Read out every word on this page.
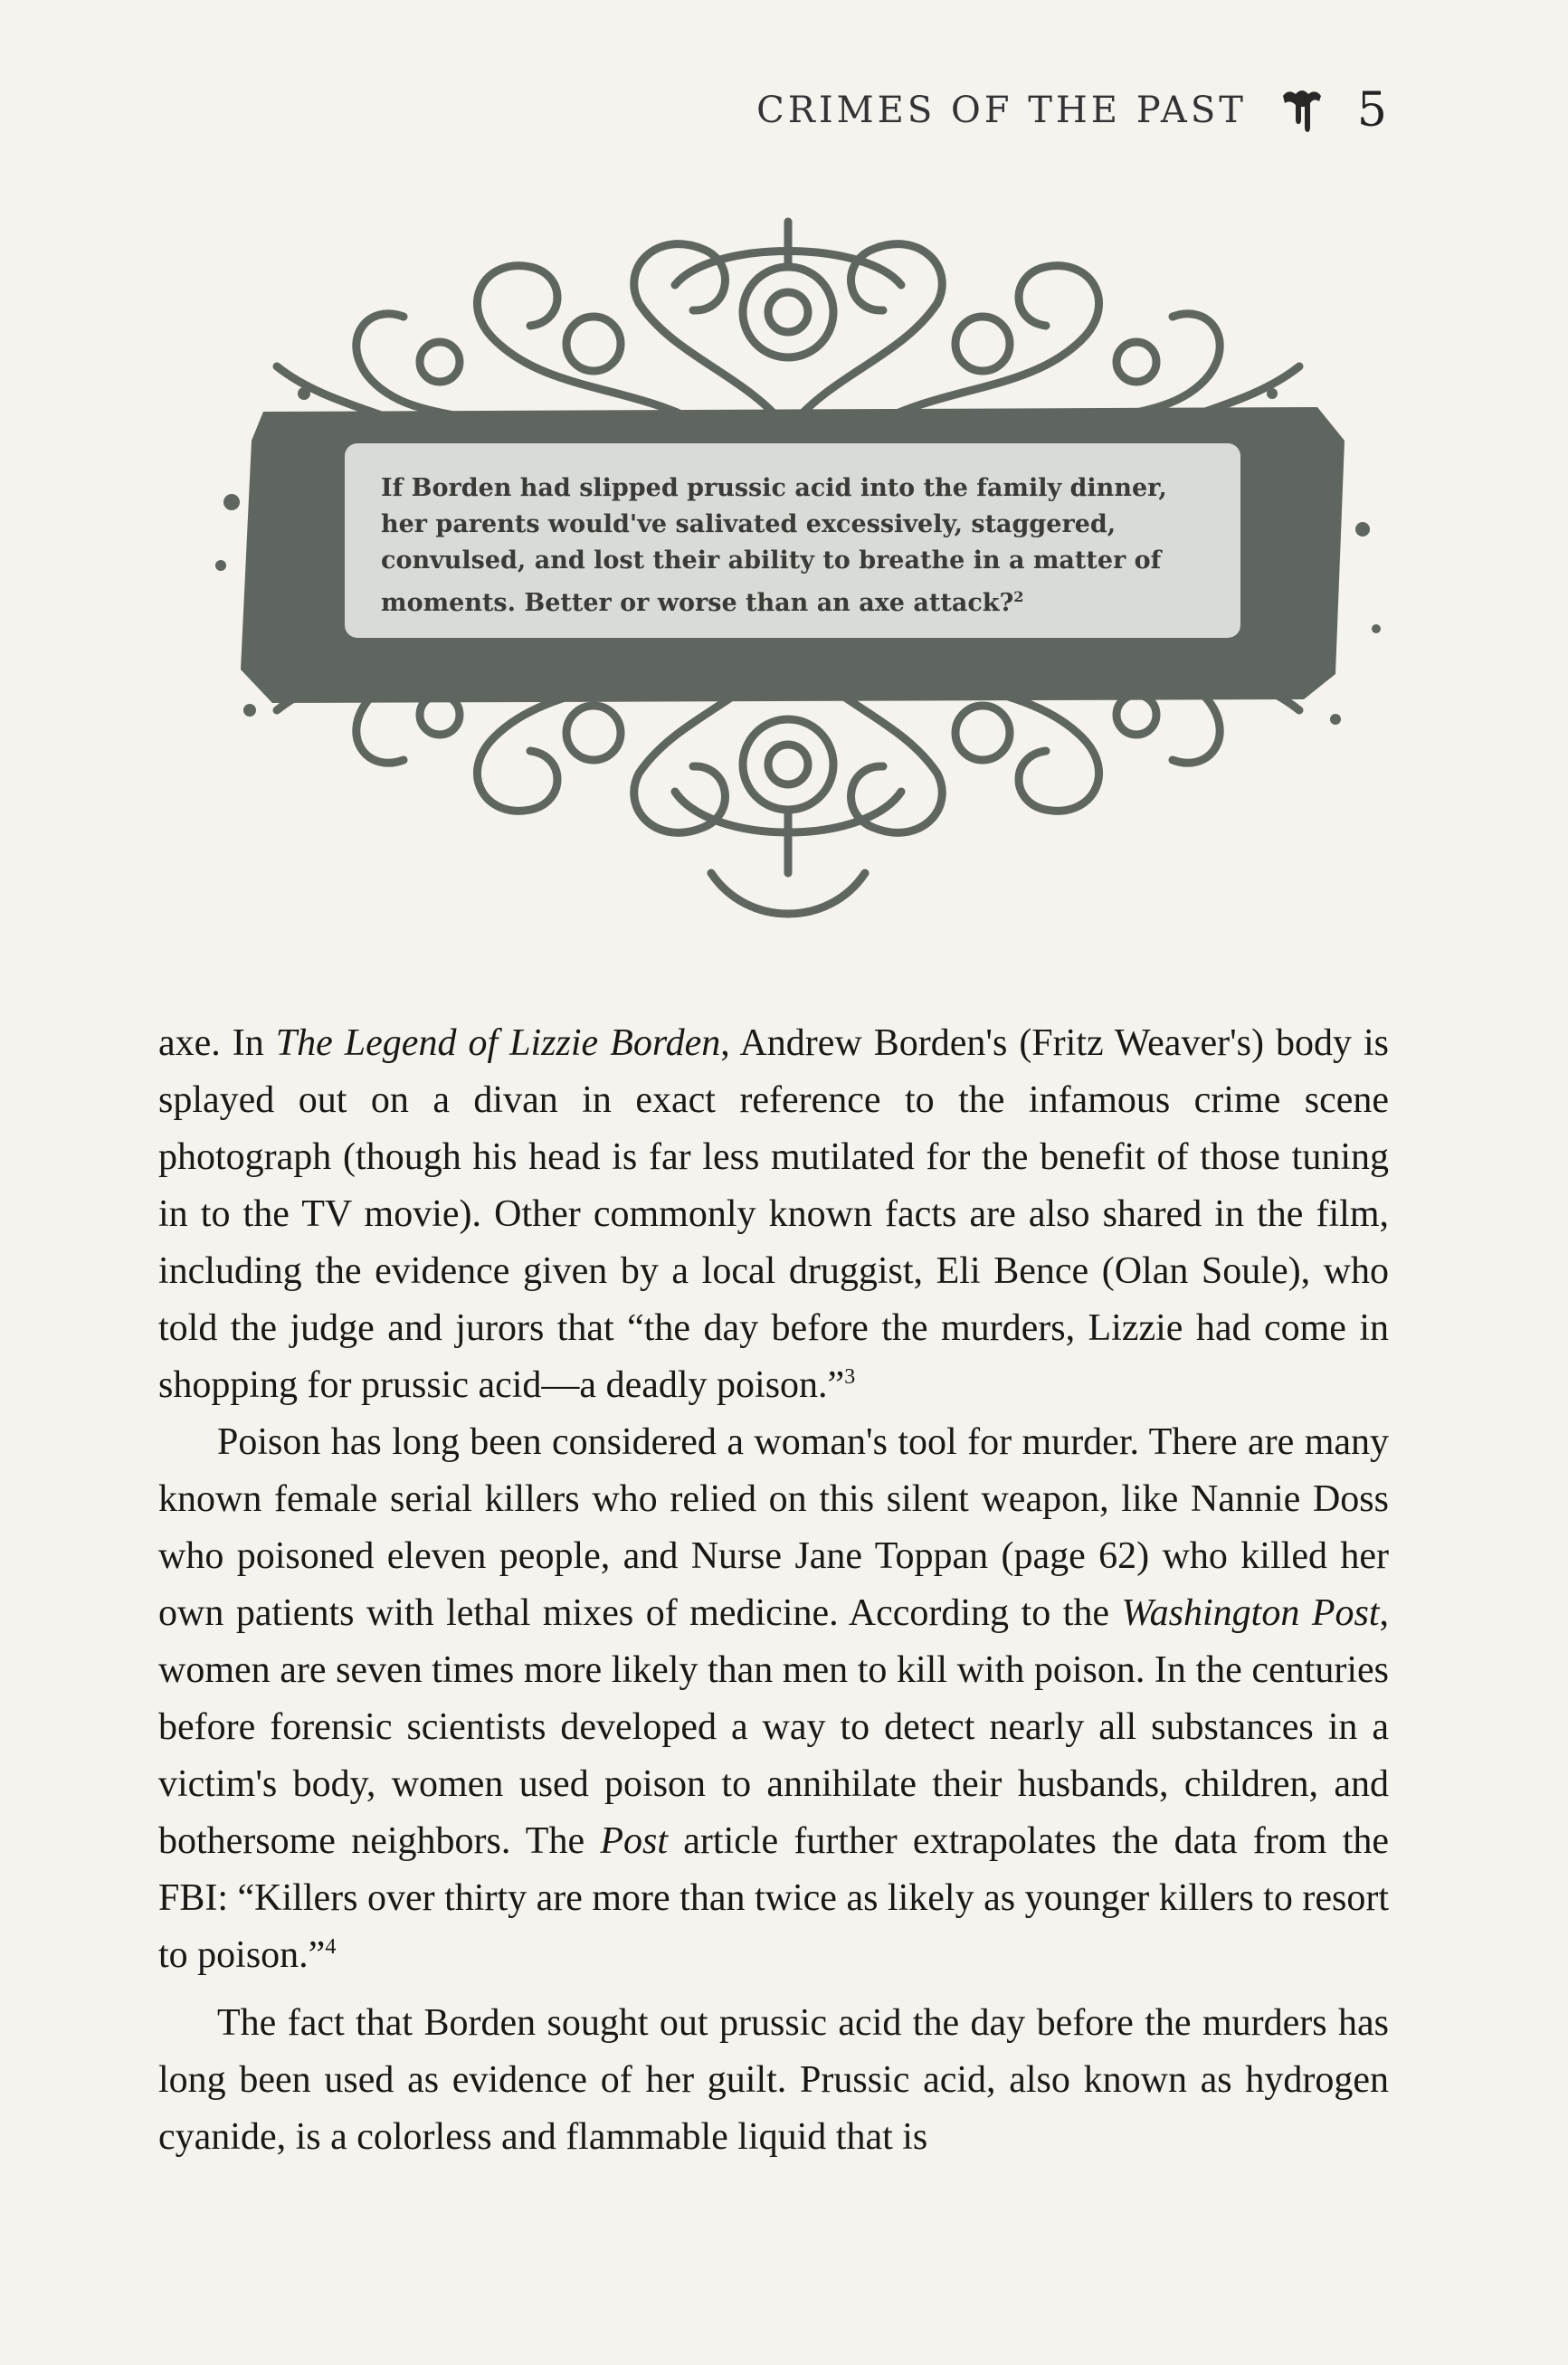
CRIMES OF THE PAST 5

If Borden had slipped prussic acid into the family dinner, her parents would've salivated excessively, staggered, convulsed, and lost their ability to breathe in a matter of moments. Better or worse than an axe attack?$^2$

axe. In The Legend of Lizzie Borden, Andrew Borden's (Fritz Weaver's) body is splayed out on a divan in exact reference to the infamous crime scene photograph (though his head is far less mutilated for the benefit of those tuning in to the TV movie). Other commonly known facts are also shared in the film, including the evidence given by a local druggist, Eli Bence (Olan Soule), who told the judge and jurors that “the day before the murders, Lizzie had come in shopping for prussic acid—a deadly poison.”$^3$

Poison has long been considered a woman's tool for murder. There are many known female serial killers who relied on this silent weapon, like Nannie Doss who poisoned eleven people, and Nurse Jane Toppan (page 62) who killed her own patients with lethal mixes of medicine. According to the Washington Post, women are seven times more likely than men to kill with poison. In the centuries before forensic scientists developed a way to detect nearly all substances in a victim's body, women used poison to annihilate their husbands, children, and bothersome neighbors. The Post article further extrapolates the data from the FBI: “Killers over thirty are more than twice as likely as younger killers to resort to poison.”$^4$

The fact that Borden sought out prussic acid the day before the murders has long been used as evidence of her guilt. Prussic acid, also known as hydrogen cyanide, is a colorless and flammable liquid that is
